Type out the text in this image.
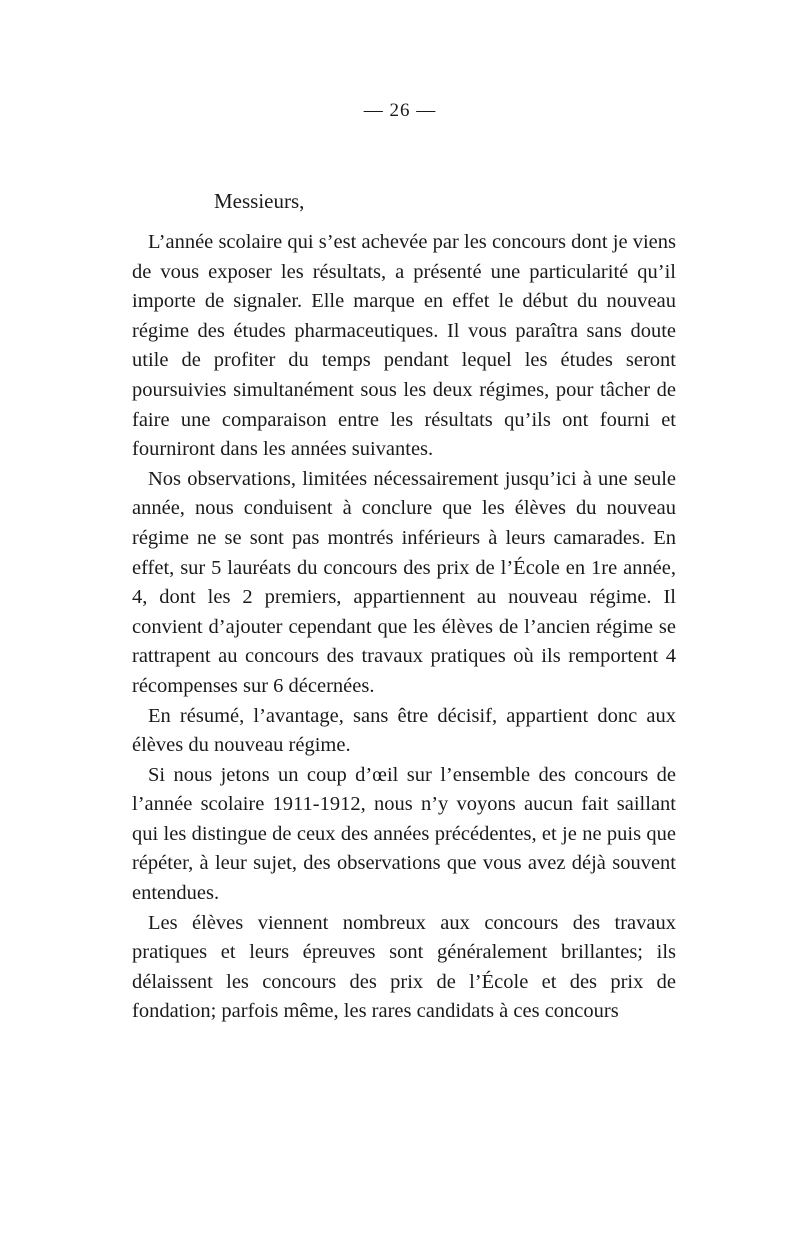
— 26 —
Messieurs,

L’année scolaire qui s’est achevée par les concours dont je viens de vous exposer les résultats, a présenté une particularité qu’il importe de signaler. Elle marque en effet le début du nouveau régime des études pharmaceutiques. Il vous paraîtra sans doute utile de profiter du temps pendant lequel les études seront poursuivies simultanément sous les deux régimes, pour tâcher de faire une comparaison entre les résultats qu’ils ont fourni et fourniront dans les années suivantes.

Nos observations, limitées nécessairement jusqu’ici à une seule année, nous conduisent à conclure que les élèves du nouveau régime ne se sont pas montrés inférieurs à leurs camarades. En effet, sur 5 lauréats du concours des prix de l’École en 1re année, 4, dont les 2 premiers, appartiennent au nouveau régime. Il convient d’ajouter cependant que les élèves de l’ancien régime se rattrapent au concours des travaux pratiques où ils remportent 4 récompenses sur 6 décernées.

En résumé, l’avantage, sans être décisif, appartient donc aux élèves du nouveau régime.

Si nous jetons un coup d’œil sur l’ensemble des concours de l’année scolaire 1911-1912, nous n’y voyons aucun fait saillant qui les distingue de ceux des années précédentes, et je ne puis que répéter, à leur sujet, des observations que vous avez déjà souvent entendues.

Les élèves viennent nombreux aux concours des travaux pratiques et leurs épreuves sont généralement brillantes; ils délaissent les concours des prix de l’École et des prix de fondation; parfois même, les rares candidats à ces concours
